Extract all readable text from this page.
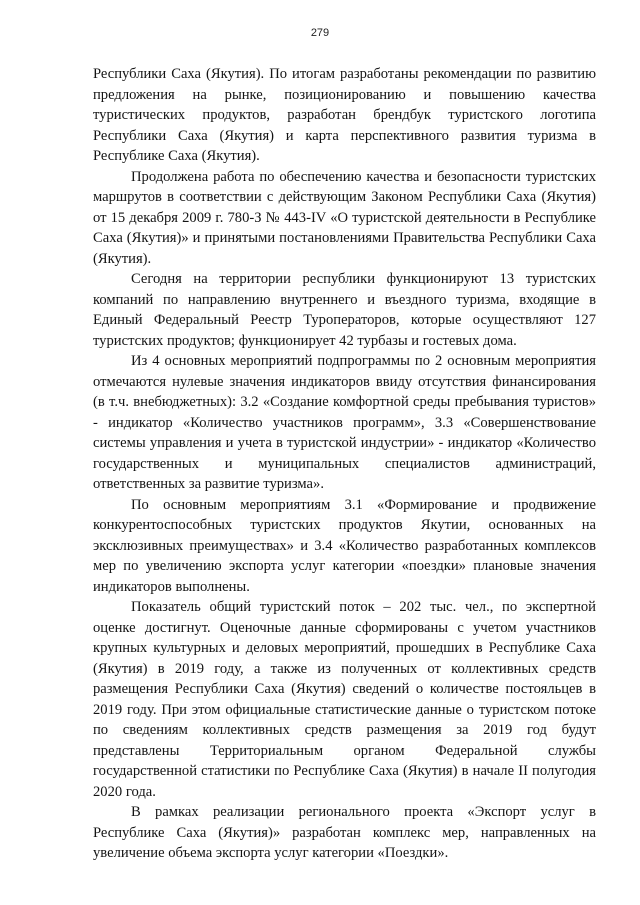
279

Республики Саха (Якутия). По итогам разработаны рекомендации по развитию предложения на рынке, позиционированию и повышению качества туристических продуктов, разработан брендбук туристского логотипа Республики Саха (Якутия) и карта перспективного развития туризма в Республике Саха (Якутия).

Продолжена работа по обеспечению качества и безопасности туристских маршрутов в соответствии с действующим Законом Республики Саха (Якутия) от 15 декабря 2009 г. 780-З № 443-IV «О туристской деятельности в Республике Саха (Якутия)» и принятыми постановлениями Правительства Республики Саха (Якутия).

Сегодня на территории республики функционируют 13 туристских компаний по направлению внутреннего и въездного туризма, входящие в Единый Федеральный Реестр Туроператоров, которые осуществляют 127 туристских продуктов; функционирует 42 турбазы и гостевых дома.

Из 4 основных мероприятий подпрограммы по 2 основным мероприятия отмечаются нулевые значения индикаторов ввиду отсутствия финансирования (в т.ч. внебюджетных): 3.2 «Создание комфортной среды пребывания туристов» - индикатор «Количество участников программ», 3.3 «Совершенствование системы управления и учета в туристской индустрии» - индикатор «Количество государственных и муниципальных специалистов администраций, ответственных за развитие туризма».

По основным мероприятиям 3.1 «Формирование и продвижение конкурентоспособных туристских продуктов Якутии, основанных на эксклюзивных преимуществах» и 3.4 «Количество разработанных комплексов мер по увеличению экспорта услуг категории «поездки» плановые значения индикаторов выполнены.

Показатель общий туристский поток – 202 тыс. чел., по экспертной оценке достигнут. Оценочные данные сформированы с учетом участников крупных культурных и деловых мероприятий, прошедших в Республике Саха (Якутия) в 2019 году, а также из полученных от коллективных средств размещения Республики Саха (Якутия) сведений о количестве постояльцев в 2019 году. При этом официальные статистические данные о туристском потоке по сведениям коллективных средств размещения за 2019 год будут представлены Территориальным органом Федеральной службы государственной статистики по Республике Саха (Якутия) в начале II полугодия 2020 года.

В рамках реализации регионального проекта «Экспорт услуг в Республике Саха (Якутия)» разработан комплекс мер, направленных на увеличение объема экспорта услуг категории «Поездки».
